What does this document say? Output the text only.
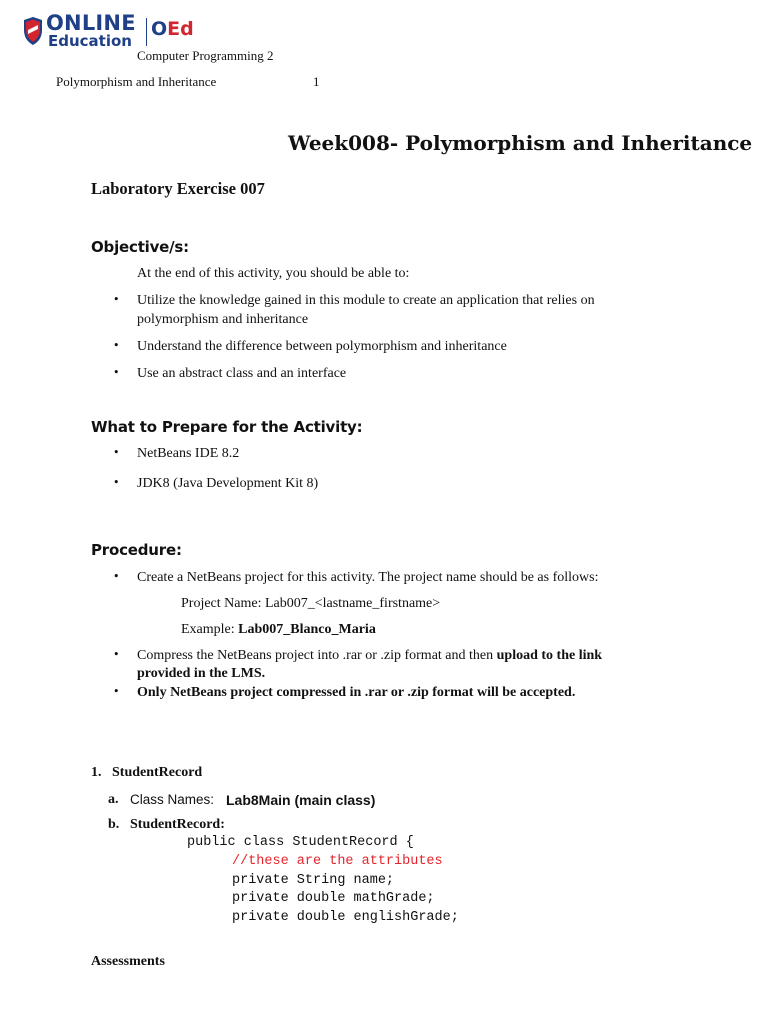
ONLINE
Education
OEd
Computer Programming 2
Polymorphism and Inheritance	1
Week008- Polymorphism and Inheritance
Laboratory Exercise 007
Objective/s:
At the end of this activity, you should be able to:
• Utilize the knowledge gained in this module to create an application that relies on
polymorphism and inheritance
• Understand the difference between polymorphism and inheritance
• Use an abstract class and an interface
What to Prepare for the Activity:
• NetBeans IDE 8.2
• JDK8 (Java Development Kit 8)
Procedure:
• Create a NetBeans project for this activity. The project name should be as follows:
Project Name: Lab007_<lastname_firstname>
Example: Lab007_Blanco_Maria
• Compress the NetBeans project into .rar or .zip format and then upload to the link
provided in the LMS.
• Only NetBeans project compressed in .rar or .zip format will be accepted.
1. StudentRecord
a. Class Names: Lab8Main (main class)
b. StudentRecord:
public class StudentRecord {
//these are the attributes
private String name;
private double mathGrade;
private double englishGrade;
Assessments
